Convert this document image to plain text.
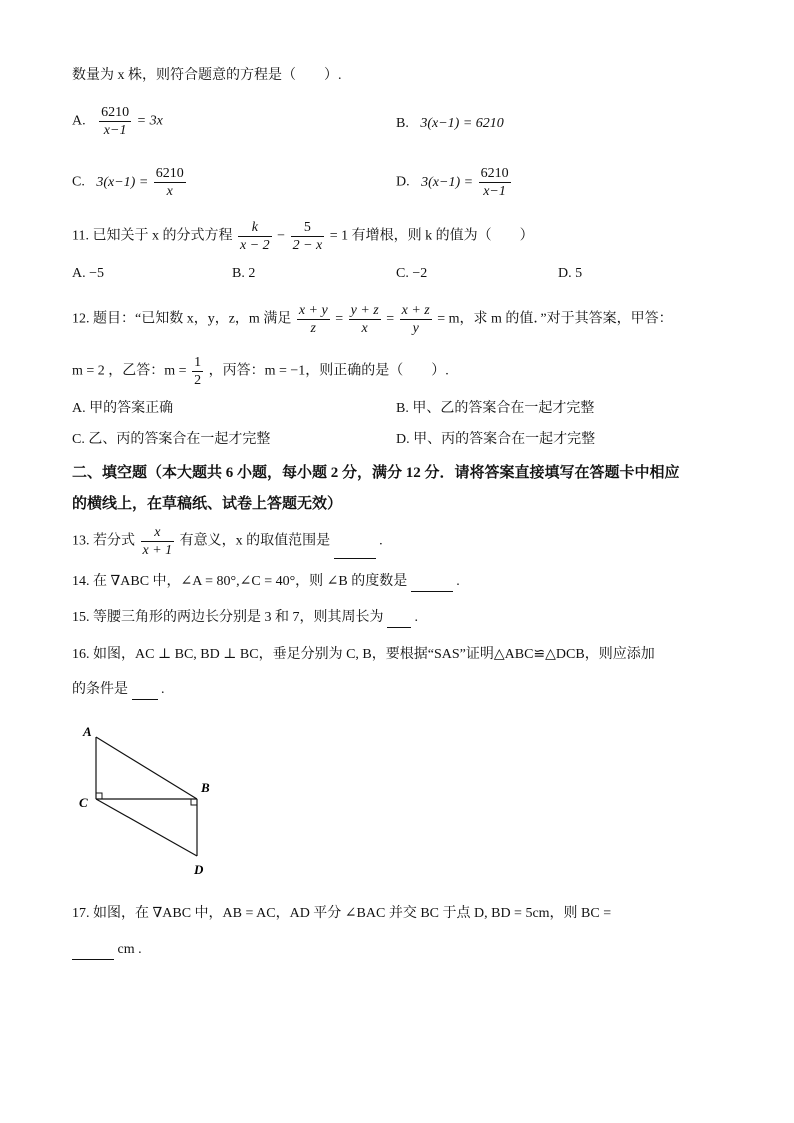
数量为 x 株，则符合题意的方程是（　　）.
A. $\frac{6210}{x-1} = 3x$	B. 3(x−1) = 6210
C. $3(x-1) = \frac{6210}{x}$	D. $3(x-1) = \frac{6210}{x-1}$
11. 已知关于 x 的分式方程 $\frac{k}{x - 2} - \frac{5}{2 - x} = 1$ 有增根，则 k 的值为（　　）
A. −5	B. 2	C. −2	D. 5
12. 题目：“已知数 x，y，z，m 满足 $\frac{x + y}{z} = \frac{y + z}{x} = \frac{x + z}{y} = m$，求 m 的值．”对于其答案，甲答：
m = 2 ，乙答：$m = \frac{1}{2}$ ，丙答：m = −1，则正确的是（　　）.
A. 甲的答案正确	B. 甲、乙的答案合在一起才完整
C. 乙、丙的答案合在一起才完整	D. 甲、丙的答案合在一起才完整
二、填空题（本大题共 6 小题，每小题 2 分，满分 12 分．请将答案直接填写在答题卡中相应
的横线上，在草稿纸、试卷上答题无效）
13. 若分式 $\frac{x}{x + 1}$ 有意义，x 的取值范围是	.
14. 在 ∇ABC 中，∠A = 80°,∠C = 40°，则 ∠B 的度数是	.
15. 等腰三角形的两边长分别是 3 和 7，则其周长为 .
16. 如图，AC ⊥ BC, BD ⊥ BC，垂足分别为 C, B，要根据“SAS”证明△ABC≌△DCB，则应添加
的条件是 .
A
B
C
D
17. 如图，在 ∇ABC 中，AB = AC，AD 平分 ∠BAC 并交 BC 于点 D, BD = 5cm，则 BC =
cm .
